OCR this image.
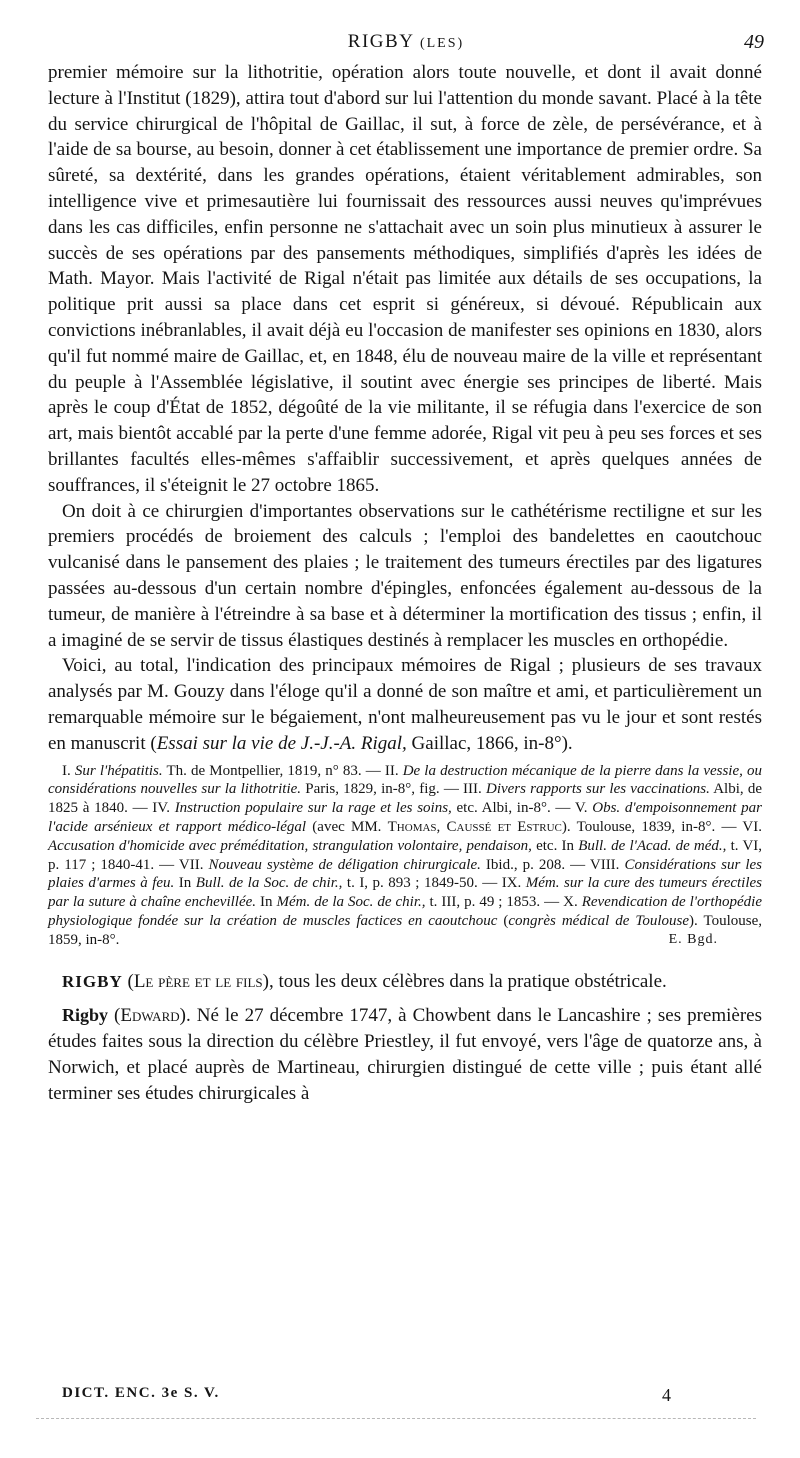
RIGBY (LES)	49

premier mémoire sur la lithotritie, opération alors toute nouvelle, et dont il avait donné lecture à l'Institut (1829), attira tout d'abord sur lui l'attention du monde savant. Placé à la tête du service chirurgical de l'hôpital de Gaillac, il sut, à force de zèle, de persévérance, et à l'aide de sa bourse, au besoin, donner à cet établissement une importance de premier ordre. Sa sûreté, sa dextérité, dans les grandes opérations, étaient véritablement admirables, son intelligence vive et primesautière lui fournissait des ressources aussi neuves qu'imprévues dans les cas difficiles, enfin personne ne s'attachait avec un soin plus minutieux à assurer le succès de ses opérations par des pansements méthodiques, simplifiés d'après les idées de Math. Mayor. Mais l'activité de Rigal n'était pas limitée aux détails de ses occupations, la politique prit aussi sa place dans cet esprit si généreux, si dévoué. Républicain aux convictions inébranlables, il avait déjà eu l'occasion de manifester ses opinions en 1830, alors qu'il fut nommé maire de Gaillac, et, en 1848, élu de nouveau maire de la ville et représentant du peuple à l'Assemblée législative, il soutint avec énergie ses principes de liberté. Mais après le coup d'État de 1852, dégoûté de la vie militante, il se réfugia dans l'exercice de son art, mais bientôt accablé par la perte d'une femme adorée, Rigal vit peu à peu ses forces et ses brillantes facultés elles-mêmes s'affaiblir successivement, et après quelques années de souffrances, il s'éteignit le 27 octobre 1865.

On doit à ce chirurgien d'importantes observations sur le cathétérisme rectiligne et sur les premiers procédés de broiement des calculs ; l'emploi des bandelettes en caoutchouc vulcanisé dans le pansement des plaies ; le traitement des tumeurs érectiles par des ligatures passées au-dessous d'un certain nombre d'épingles, enfoncées également au-dessous de la tumeur, de manière à l'étreindre à sa base et à déterminer la mortification des tissus ; enfin, il a imaginé de se servir de tissus élastiques destinés à remplacer les muscles en orthopédie.

Voici, au total, l'indication des principaux mémoires de Rigal ; plusieurs de ses travaux analysés par M. Gouzy dans l'éloge qu'il a donné de son maître et ami, et particulièrement un remarquable mémoire sur le bégaiement, n'ont malheureusement pas vu le jour et sont restés en manuscrit (Essai sur la vie de J.-J.-A. Rigal, Gaillac, 1866, in-8°).

I. Sur l'hépatitis. Th. de Montpellier, 1819, n° 83. — II. De la destruction mécanique de la pierre dans la vessie, ou considérations nouvelles sur la lithotritie. Paris, 1829, in-8°, fig. — III. Divers rapports sur les vaccinations. Albi, de 1825 à 1840. — IV. Instruction populaire sur la rage et les soins, etc. Albi, in-8°. — V. Obs. d'empoisonnement par l'acide arsénieux et rapport médico-légal (avec MM. Thomas, Caussé et Estruc). Toulouse, 1839, in-8°. — VI. Accusation d'homicide avec préméditation, strangulation volontaire, pendaison, etc. In Bull. de l'Acad. de méd., t. VI, p. 117 ; 1840-41. — VII. Nouveau système de déligation chirurgicale. Ibid., p. 208. — VIII. Considérations sur les plaies d'armes à feu. In Bull. de la Soc. de chir., t. I, p. 893 ; 1849-50. — IX. Mém. sur la cure des tumeurs érectiles par la suture à chaîne enchevillée. In Mém. de la Soc. de chir., t. III, p. 49 ; 1853. — X. Revendication de l'orthopédie physiologique fondée sur la création de muscles factices en caoutchouc (congrès médical de Toulouse). Toulouse, 1859, in-8°.	E. Bgd.

RIGBY (Le père et le fils), tous les deux célèbres dans la pratique obstétricale.

Rigby (Edward). Né le 27 décembre 1747, à Chowbent dans le Lancashire ; ses premières études faites sous la direction du célèbre Priestley, il fut envoyé, vers l'âge de quatorze ans, à Norwich, et placé auprès de Martineau, chirurgien distingué de cette ville ; puis étant allé terminer ses études chirurgicales à

DICT. ENC. 3e S. V.	4
